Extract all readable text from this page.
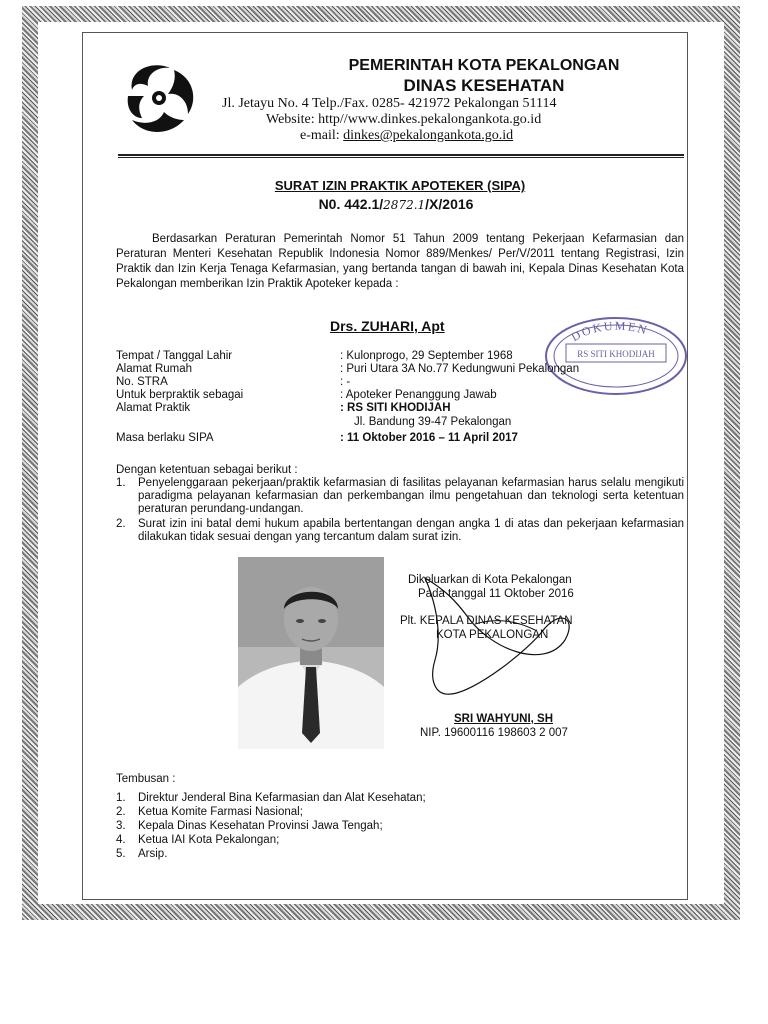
PEMERINTAH KOTA PEKALONGAN
DINAS KESEHATAN
Jl. Jetayu No. 4 Telp./Fax. 0285- 421972 Pekalongan 51114
Website: http//www.dinkes.pekalongankota.go.id
e-mail: dinkes@pekalongankota.go.id
SURAT IZIN PRAKTIK APOTEKER (SIPA)
N0. 442.1/2872.1/X/2016
Berdasarkan Peraturan Pemerintah Nomor 51 Tahun 2009 tentang Pekerjaan Kefarmasian dan Peraturan Menteri Kesehatan Republik Indonesia Nomor 889/Menkes/ Per/V/2011 tentang Registrasi, Izin Praktik dan Izin Kerja Tenaga Kefarmasian, yang bertanda tangan di bawah ini, Kepala Dinas Kesehatan Kota Pekalongan memberikan Izin Praktik Apoteker kepada :
Drs. ZUHARI, Apt
DOKUMEN
RS SITI KHODIJAH
Tempat / Tanggal Lahir	: Kulonprogo, 29 September 1968
Alamat Rumah	: Puri Utara 3A No.77 Kedungwuni Pekalongan
No. STRA	: -
Untuk berpraktik sebagai	: Apoteker Penanggung Jawab
Alamat Praktik	: RS SITI KHODIJAH
Jl. Bandung 39-47 Pekalongan
Masa berlaku SIPA	: 11 Oktober 2016 – 11 April 2017
Dengan ketentuan sebagai berikut :
1. Penyelenggaraan pekerjaan/praktik kefarmasian di fasilitas pelayanan kefarmasian harus selalu mengikuti paradigma pelayanan kefarmasian dan perkembangan ilmu pengetahuan dan teknologi serta ketentuan peraturan perundang-undangan.
2. Surat izin ini batal demi hukum apabila bertentangan dengan angka 1 di atas dan pekerjaan kefarmasian dilakukan tidak sesuai dengan yang tercantum dalam surat izin.
Dikeluarkan di Kota Pekalongan
Pada tanggal 11 Oktober 2016
Plt. KEPALA DINAS KESEHATAN
KOTA PEKALONGAN
SRI WAHYUNI, SH
NIP. 19600116 198603 2 007
Tembusan :
1. Direktur Jenderal Bina Kefarmasian dan Alat Kesehatan;
2. Ketua Komite Farmasi Nasional;
3. Kepala Dinas Kesehatan Provinsi Jawa Tengah;
4. Ketua IAI Kota Pekalongan;
5. Arsip.
